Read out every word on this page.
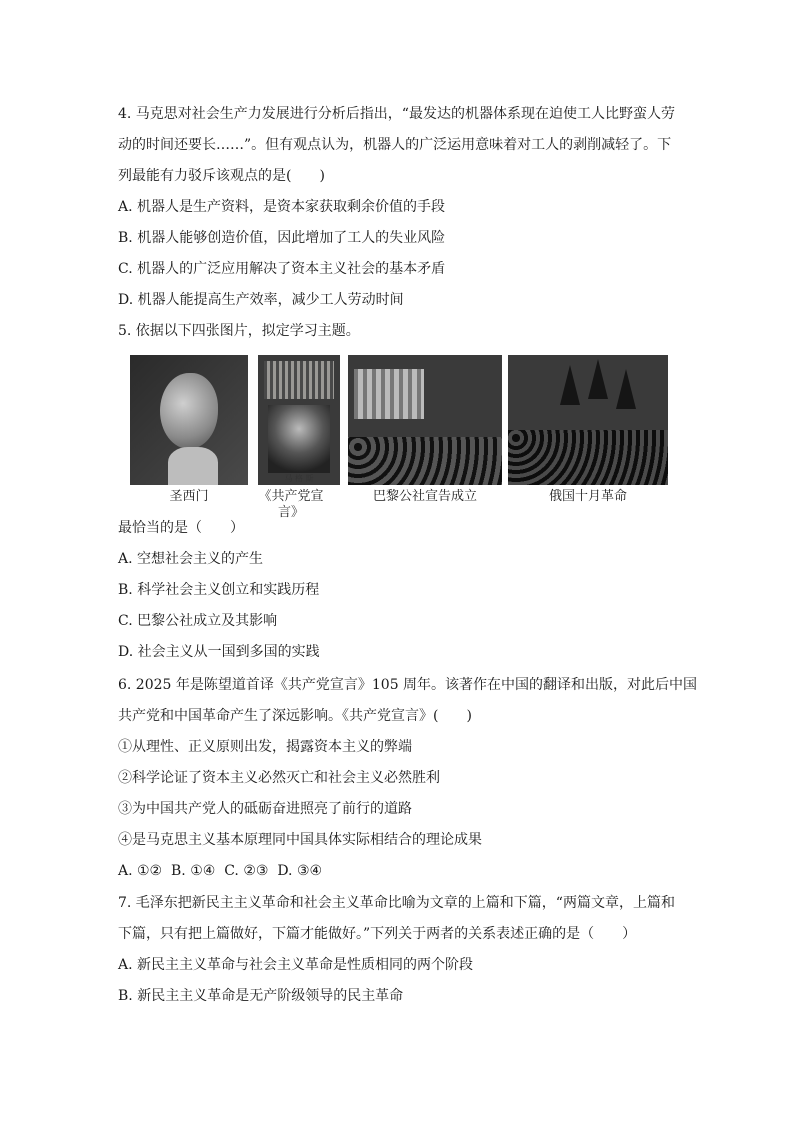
4. 马克思对社会生产力发展进行分析后指出，“最发达的机器体系现在迫使工人比野蛮人劳
动的时间还要长……”。但有观点认为，机器人的广泛运用意味着对工人的剥削减轻了。下
列最能有力驳斥该观点的是(　　)
A. 机器人是生产资料，是资本家获取剩余价值的手段
B. 机器人能够创造价值，因此增加了工人的失业风险
C. 机器人的广泛应用解决了资本主义社会的基本矛盾
D. 机器人能提高生产效率，减少工人劳动时间
5. 依据以下四张图片，拟定学习主题。
圣西门
马 格 斯
《共产党宣言》
巴黎公社宣告成立	俄国十月革命
最恰当的是（　　）
A. 空想社会主义的产生
B. 科学社会主义创立和实践历程
C. 巴黎公社成立及其影响
D. 社会主义从一国到多国的实践
6. 2025 年是陈望道首译《共产党宣言》105 周年。该著作在中国的翻译和出版，对此后中国
共产党和中国革命产生了深远影响。《共产党宣言》(　　)
①从理性、正义原则出发，揭露资本主义的弊端
②科学论证了资本主义必然灭亡和社会主义必然胜利
③为中国共产党人的砥砺奋进照亮了前行的道路
④是马克思主义基本原理同中国具体实际相结合的理论成果
A. ①②  B. ①④  C. ②③  D. ③④
7. 毛泽东把新民主主义革命和社会主义革命比喻为文章的上篇和下篇，“两篇文章，上篇和
下篇，只有把上篇做好，下篇才能做好。”下列关于两者的关系表述正确的是（　　）
A. 新民主主义革命与社会主义革命是性质相同的两个阶段
B. 新民主主义革命是无产阶级领导的民主革命
